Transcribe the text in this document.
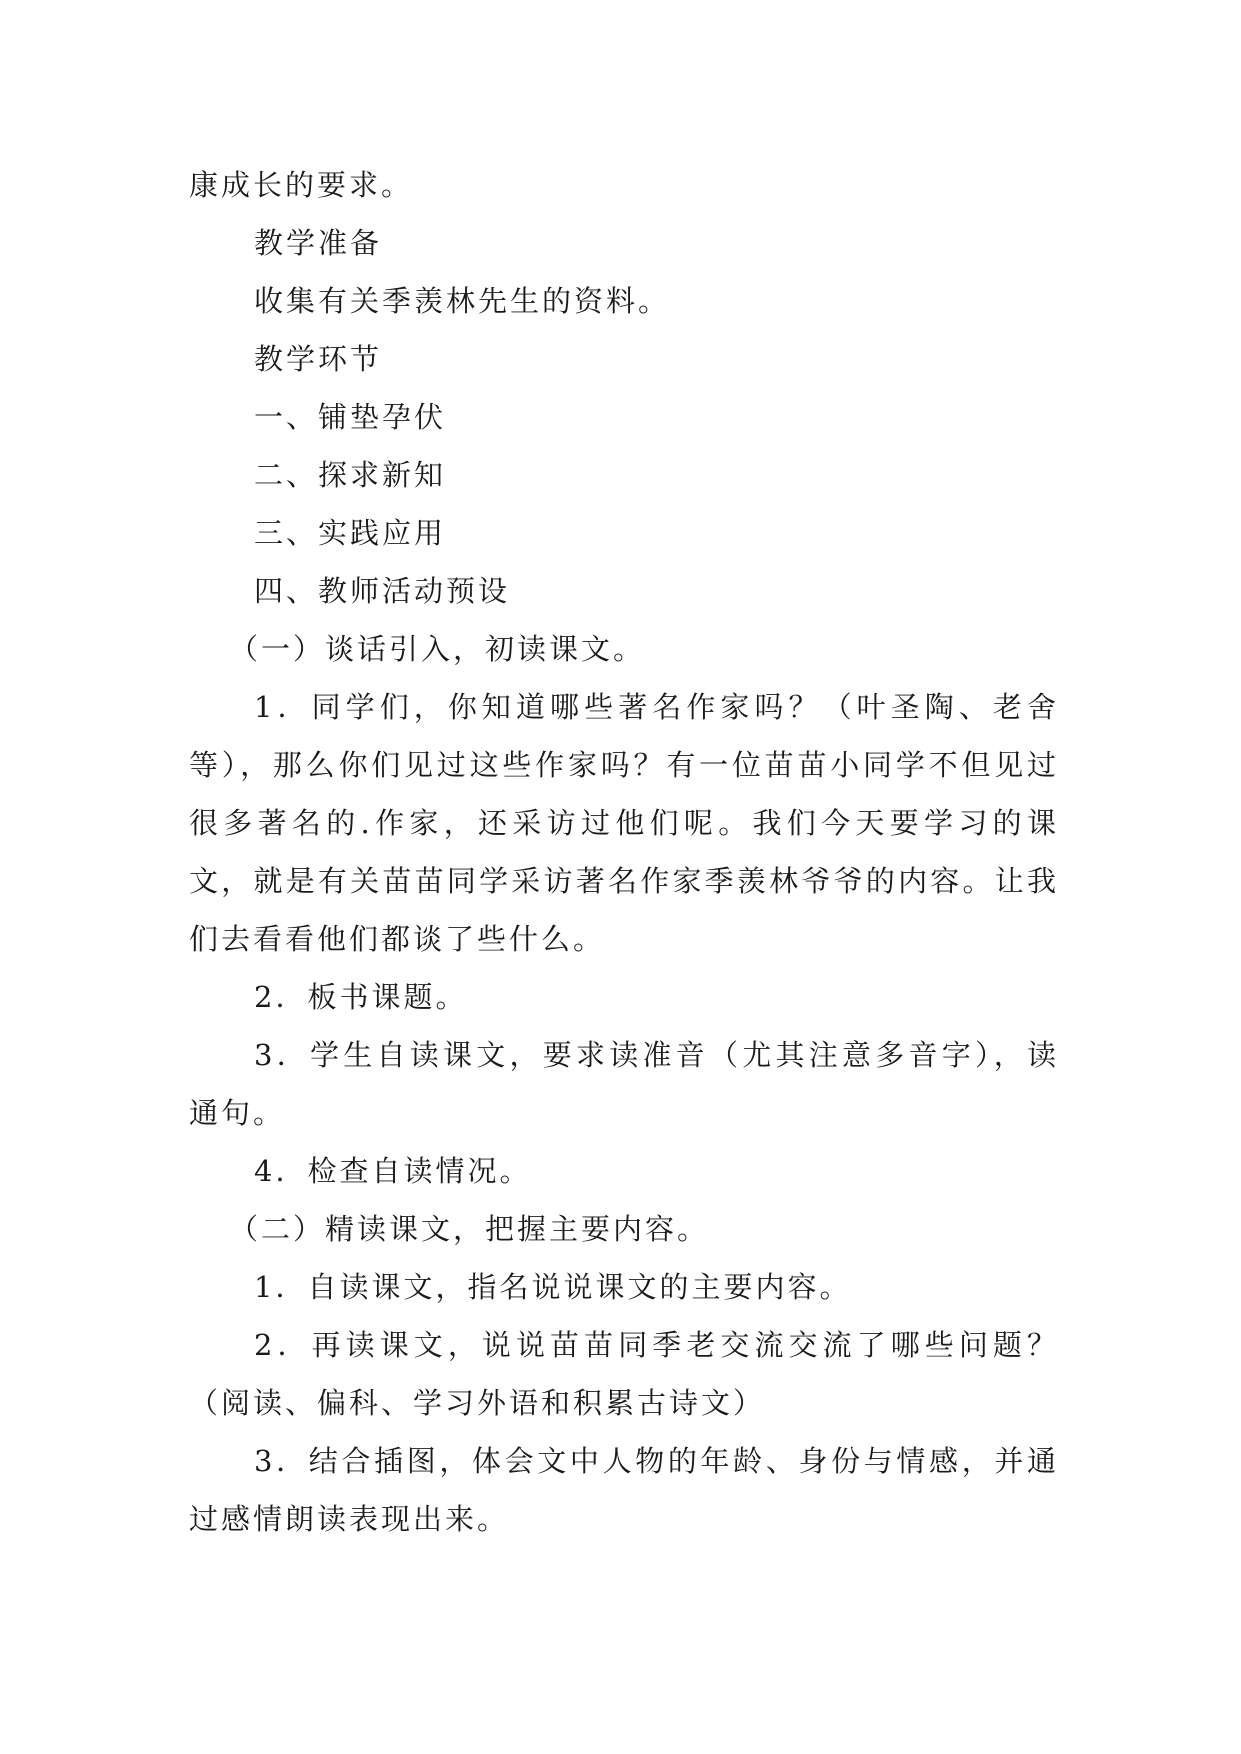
康成长的要求。

教学准备

收集有关季羡林先生的资料。

教学环节

一、铺垫孕伏

二、探求新知

三、实践应用

四、教师活动预设

（一）谈话引入，初读课文。

1．同学们，你知道哪些著名作家吗？（叶圣陶、老舍等），那么你们见过这些作家吗？有一位苗苗小同学不但见过很多著名的.作家，还采访过他们呢。我们今天要学习的课文，就是有关苗苗同学采访著名作家季羡林爷爷的内容。让我们去看看他们都谈了些什么。

2．板书课题。

3．学生自读课文，要求读准音（尤其注意多音字），读通句。

4．检查自读情况。

（二）精读课文，把握主要内容。

1．自读课文，指名说说课文的主要内容。

2．再读课文，说说苗苗同季老交流交流了哪些问题？（阅读、偏科、学习外语和积累古诗文）

3．结合插图，体会文中人物的年龄、身份与情感，并通过感情朗读表现出来。
